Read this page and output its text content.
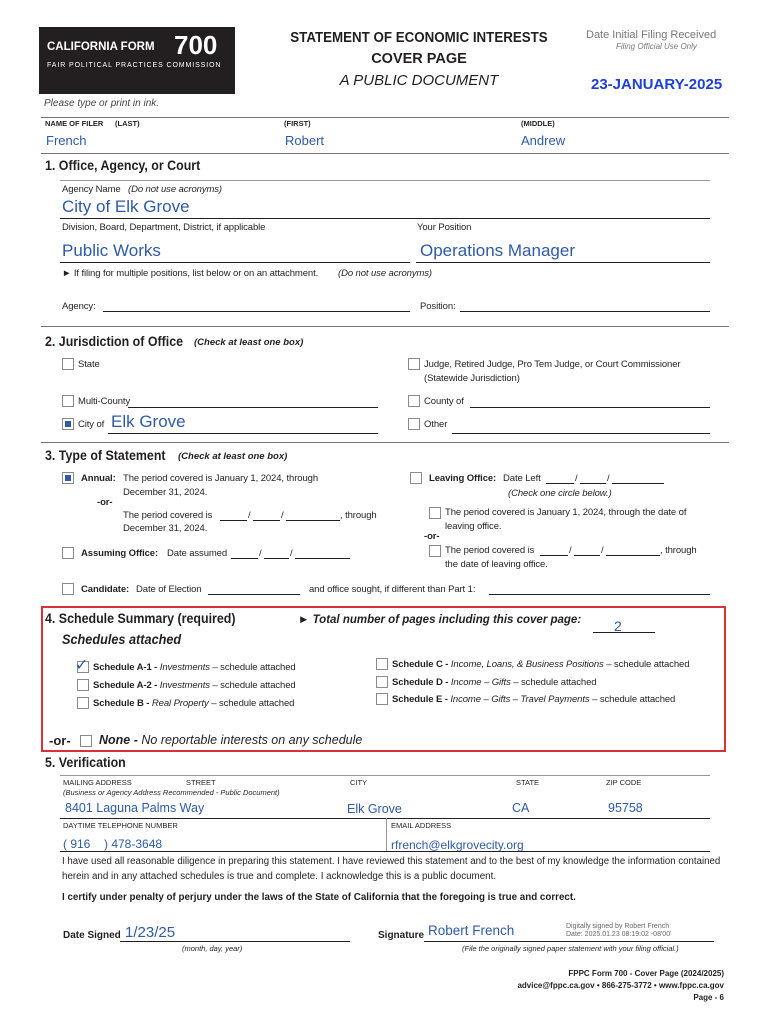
CALIFORNIA FORM 700
FAIR POLITICAL PRACTICES COMMISSION
STATEMENT OF ECONOMIC INTERESTS
COVER PAGE
A PUBLIC DOCUMENT
Date Initial Filing Received
Filing Official Use Only
23-JANUARY-2025
Please type or print in ink.
NAME OF FILER (LAST)	(FIRST)	(MIDDLE)
French	Robert	Andrew
1. Office, Agency, or Court
Agency Name (Do not use acronyms)
City of Elk Grove
Division, Board, Department, District, if applicable	Your Position
Public Works	Operations Manager
► If filing for multiple positions, list below or on an attachment. (Do not use acronyms)
Agency:	Position:
2. Jurisdiction of Office (Check at least one box)
State	Judge, Retired Judge, Pro Tem Judge, or Court Commissioner
(Statewide Jurisdiction)
Multi-County	County of
City of Elk Grove	Other
3. Type of Statement (Check at least one box)
Annual: The period covered is January 1, 2024, through
December 31, 2024.
-or-
The period covered is	/	/	, through
December 31, 2024.
Assuming Office: Date assumed	/	/
Leaving Office: Date Left	/	/
(Check one circle below.)
The period covered is January 1, 2024, through the date of
leaving office.
-or-
The period covered is	/	/	, through
the date of leaving office.
Candidate: Date of Election	and office sought, if different than Part 1:
4. Schedule Summary (required)	► Total number of pages including this cover page: 2
Schedules attached
✓ Schedule A-1 - Investments – schedule attached
Schedule A-2 - Investments – schedule attached
Schedule B - Real Property – schedule attached
Schedule C - Income, Loans, & Business Positions – schedule attached
Schedule D - Income – Gifts – schedule attached
Schedule E - Income – Gifts – Travel Payments – schedule attached
-or- None - No reportable interests on any schedule
5. Verification
MAILING ADDRESS	STREET	CITY	STATE	ZIP CODE
(Business or Agency Address Recommended - Public Document)
8401 Laguna Palms Way	Elk Grove	CA	95758
DAYTIME TELEPHONE NUMBER	EMAIL ADDRESS
( 916 ) 478-3648	rfrench@elkgrovecity.org
I have used all reasonable diligence in preparing this statement. I have reviewed this statement and to the best of my knowledge the information contained
herein and in any attached schedules is true and complete. I acknowledge this is a public document.
I certify under penalty of perjury under the laws of the State of California that the foregoing is true and correct.
Date Signed 1/23/25
(month, day, year)
Signature Robert French	Digitally signed by Robert French
Date: 2025.01.23 08:19:02 -08'00'
(File the originally signed paper statement with your filing official.)
FPPC Form 700 - Cover Page (2024/2025)
advice@fppc.ca.gov • 866-275-3772 • www.fppc.ca.gov
Page - 6
